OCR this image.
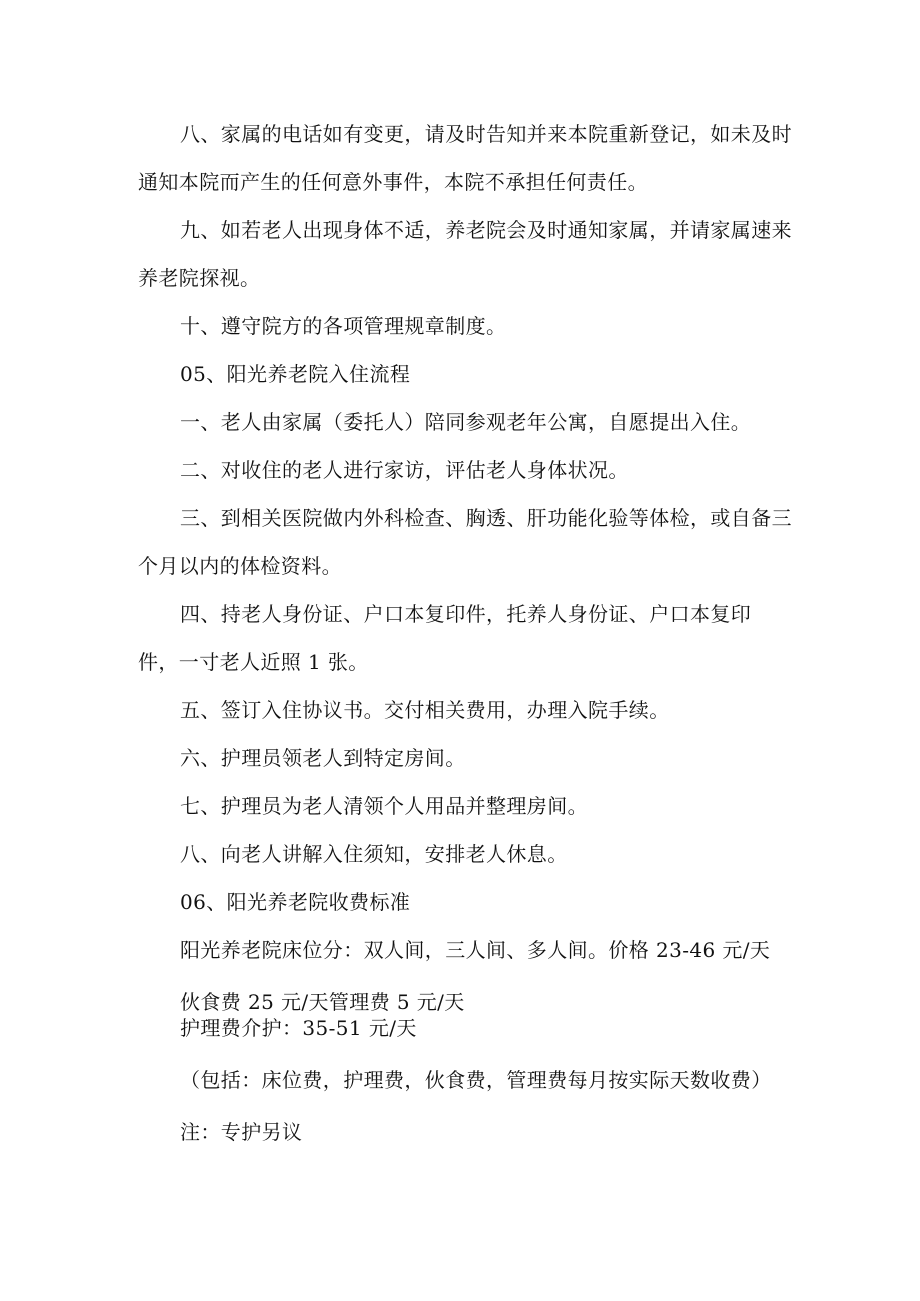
八、家属的电话如有变更，请及时告知并来本院重新登记，如未及时
通知本院而产生的任何意外事件，本院不承担任何责任。
九、如若老人出现身体不适，养老院会及时通知家属，并请家属速来
养老院探视。
十、遵守院方的各项管理规章制度。
05、阳光养老院入住流程
一、老人由家属（委托人）陪同参观老年公寓，自愿提出入住。
二、对收住的老人进行家访，评估老人身体状况。
三、到相关医院做内外科检查、胸透、肝功能化验等体检，或自备三
个月以内的体检资料。
四、持老人身份证、户口本复印件，托养人身份证、户口本复印
件，一寸老人近照 1 张。
五、签订入住协议书。交付相关费用，办理入院手续。
六、护理员领老人到特定房间。
七、护理员为老人清领个人用品并整理房间。
八、向老人讲解入住须知，安排老人休息。
06、阳光养老院收费标准
阳光养老院床位分：双人间，三人间、多人间。价格 23-46 元/天
伙食费 25 元/天管理费 5 元/天
护理费介护：35-51 元/天
（包括：床位费，护理费，伙食费，管理费每月按实际天数收费）
注：专护另议
